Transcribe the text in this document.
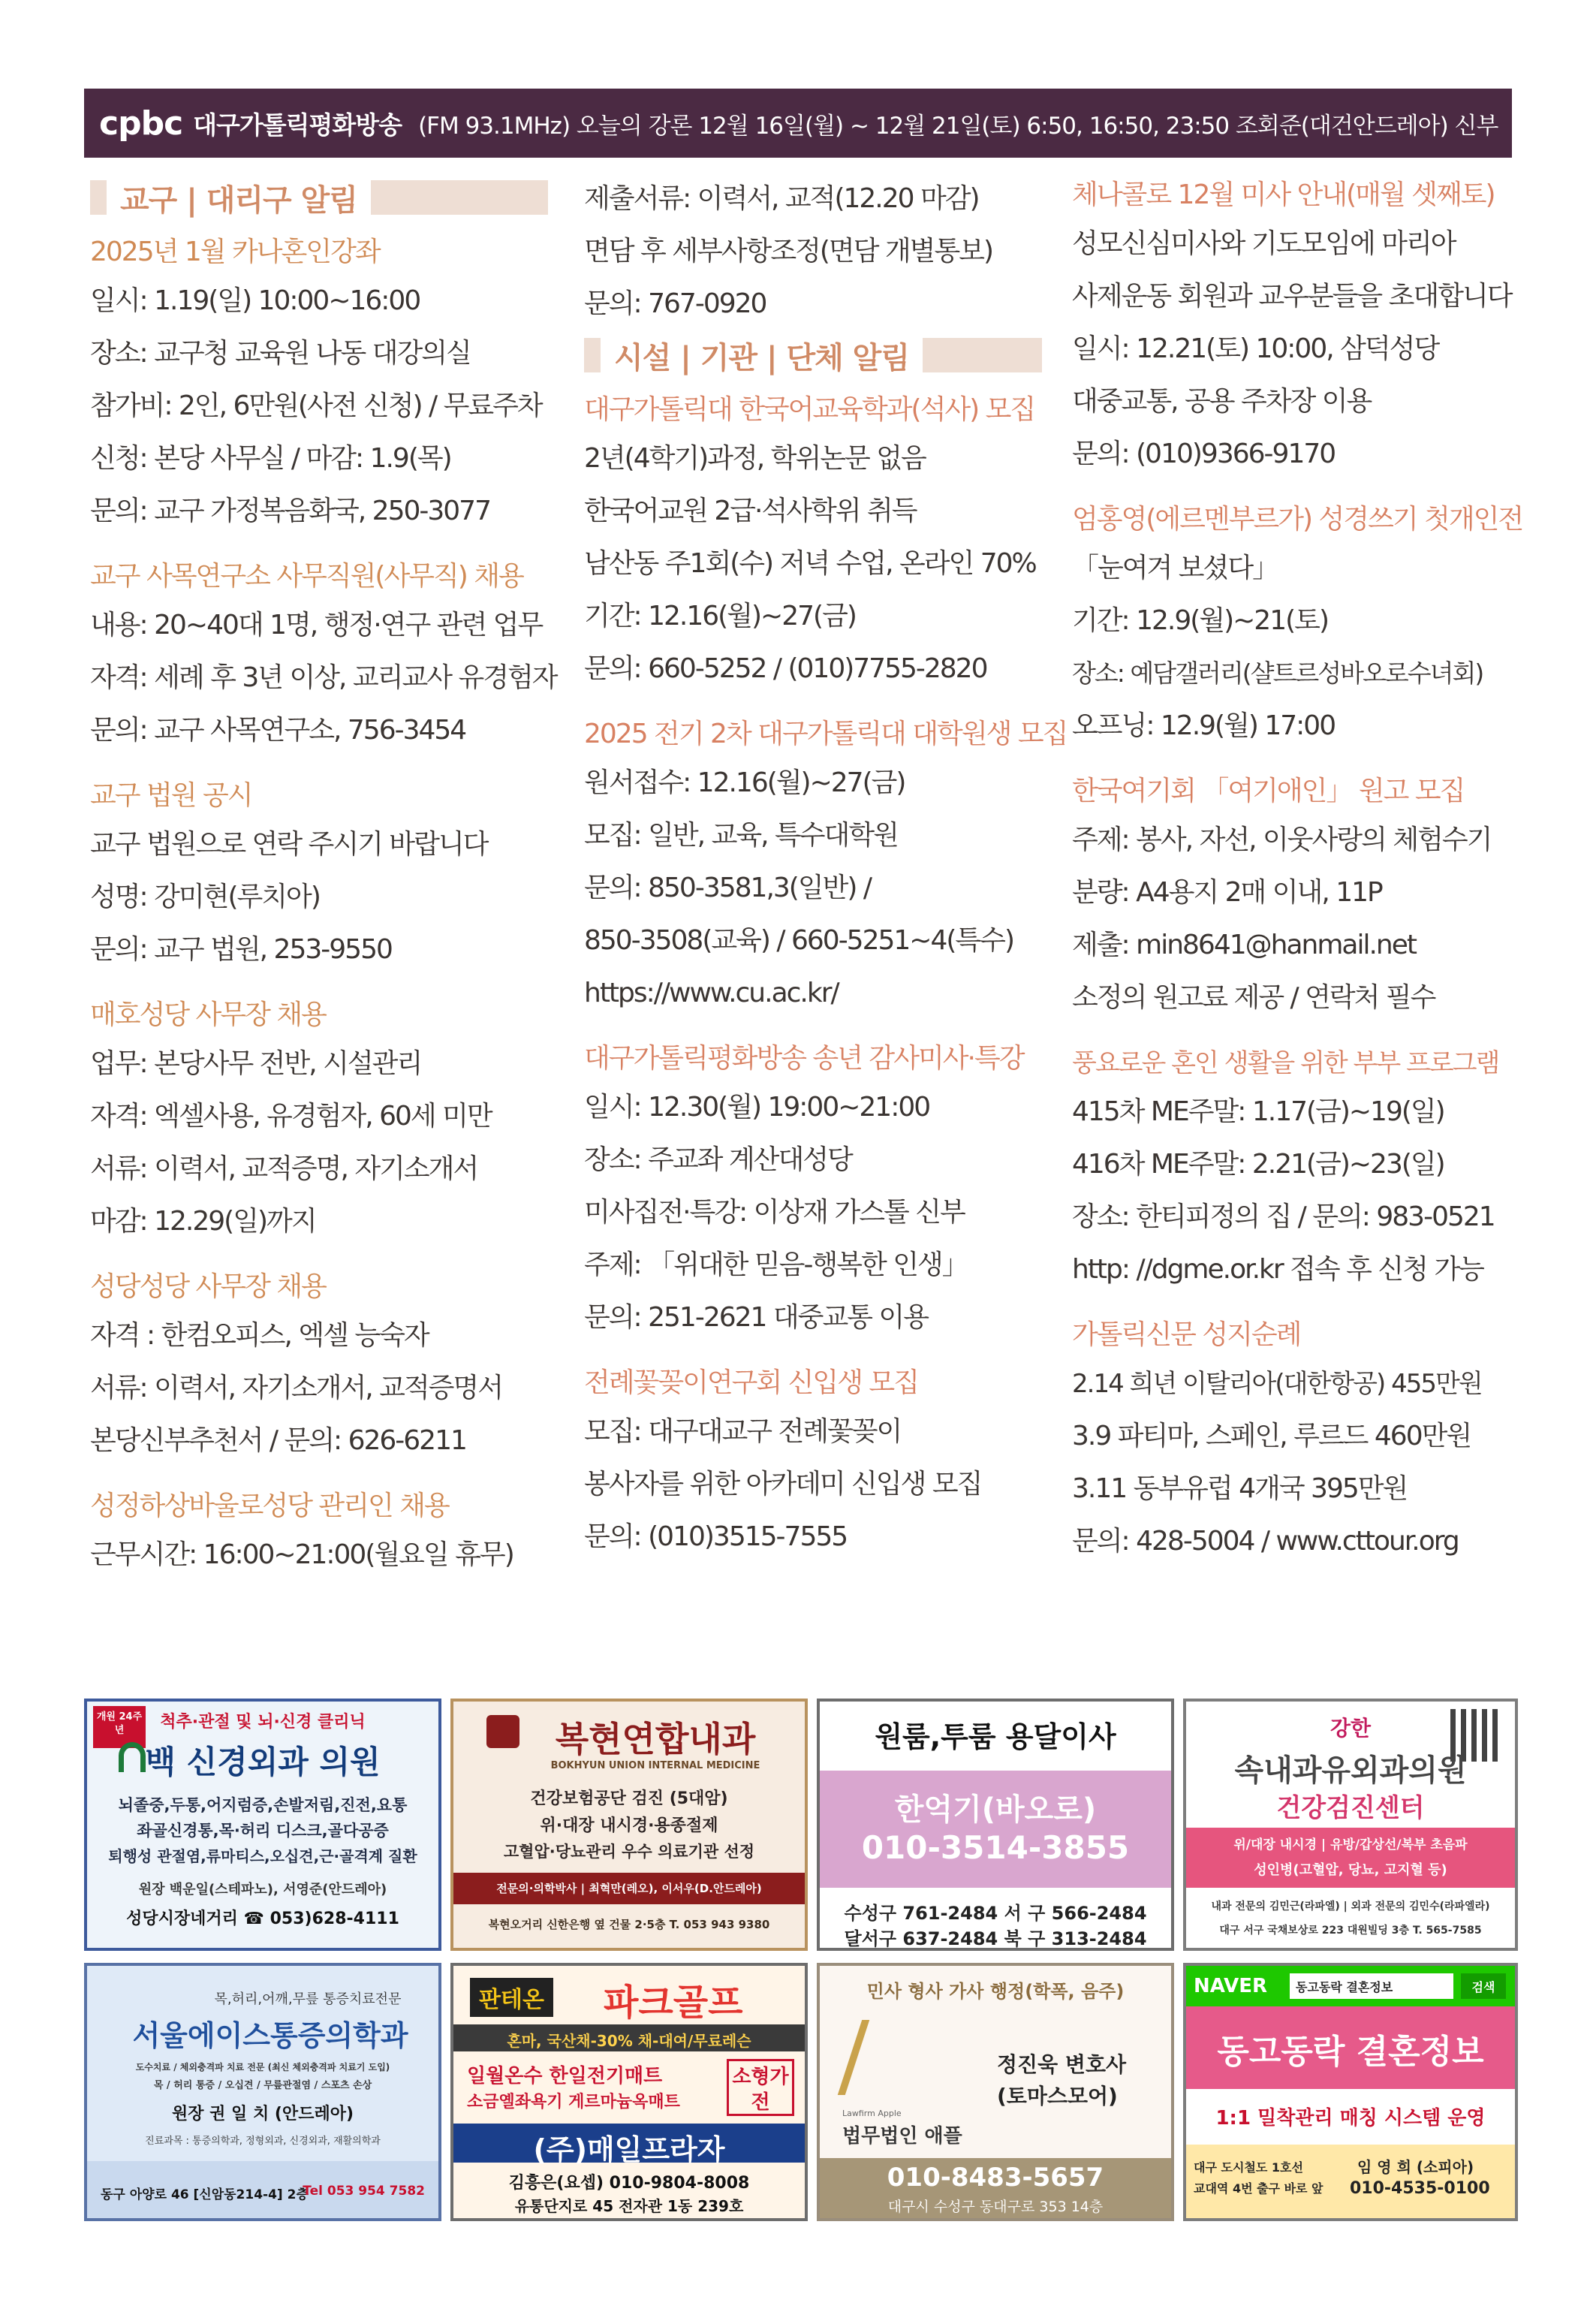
cpbc 대구가톨릭평화방송 (FM 93.1MHz) 오늘의 강론 12월 16일(월) ~ 12월 21일(토) 6:50, 16:50, 23:50 조회준(대건안드레아) 신부
교구 | 대리구 알림
2025년 1월 카나혼인강좌

일시: 1.19(일) 10:00~16:00

장소: 교구청 교육원 나동 대강의실

참가비: 2인, 6만원(사전 신청) / 무료주차

신청: 본당 사무실 / 마감: 1.9(목)

문의: 교구 가정복음화국, 250-3077

교구 사목연구소 사무직원(사무직) 채용

내용: 20~40대 1명, 행정·연구 관련 업무

자격: 세례 후 3년 이상, 교리교사 유경험자

문의: 교구 사목연구소, 756-3454

교구 법원 공시

교구 법원으로 연락 주시기 바랍니다

성명: 강미현(루치아)

문의: 교구 법원, 253-9550

매호성당 사무장 채용

업무: 본당사무 전반, 시설관리

자격: 엑셀사용, 유경험자, 60세 미만

서류: 이력서, 교적증명, 자기소개서

마감: 12.29(일)까지

성당성당 사무장 채용

자격 : 한컴오피스, 엑셀 능숙자

서류: 이력서, 자기소개서, 교적증명서

본당신부추천서 / 문의: 626-6211

성정하상바울로성당 관리인 채용

근무시간: 16:00~21:00(월요일 휴무)

제출서류: 이력서, 교적(12.20 마감)

면담 후 세부사항조정(면담 개별통보)

문의: 767-0920

시설 | 기관 | 단체 알림
대구가톨릭대 한국어교육학과(석사) 모집

2년(4학기)과정, 학위논문 없음

한국어교원 2급·석사학위 취득

남산동 주1회(수) 저녁 수업, 온라인 70%

기간: 12.16(월)~27(금)

문의: 660-5252 / (010)7755-2820

2025 전기 2차 대구가톨릭대 대학원생 모집

원서접수: 12.16(월)~27(금)

모집: 일반, 교육, 특수대학원

문의: 850-3581,3(일반) /

850-3508(교육) / 660-5251~4(특수)

https://www.cu.ac.kr/

대구가톨릭평화방송 송년 감사미사·특강

일시: 12.30(월) 19:00~21:00

장소: 주교좌 계산대성당

미사집전·특강: 이상재 가스톨 신부

주제: 「위대한 믿음-행복한 인생」

문의: 251-2621 대중교통 이용

전례꽃꽂이연구회 신입생 모집

모집: 대구대교구 전례꽃꽂이

봉사자를 위한 아카데미 신입생 모집

문의: (010)3515-7555

체나콜로 12월 미사 안내(매월 셋째토)

성모신심미사와 기도모임에 마리아

사제운동 회원과 교우분들을 초대합니다

일시: 12.21(토) 10:00, 삼덕성당

대중교통, 공용 주차장 이용

문의: (010)9366-9170

엄홍영(에르멘부르가) 성경쓰기 첫개인전

「눈여겨 보셨다」

기간: 12.9(월)~21(토)

장소: 예담갤러리(샬트르성바오로수녀회)

오프닝: 12.9(월) 17:00

한국여기회 「여기애인」 원고 모집

주제: 봉사, 자선, 이웃사랑의 체험수기

분량: A4용지 2매 이내, 11P

제출: min8641@hanmail.net

소정의 원고료 제공 / 연락처 필수

풍요로운 혼인 생활을 위한 부부 프로그램

415차 ME주말: 1.17(금)~19(일)

416차 ME주말: 2.21(금)~23(일)

장소: 한티피정의 집 / 문의: 983-0521

http: //dgme.or.kr 접속 후 신청 가능

가톨릭신문 성지순례

2.14 희년 이탈리아(대한항공) 455만원

3.9 파티마, 스페인, 루르드 460만원

3.11 동부유럽 4개국 395만원

문의: 428-5004 / www.cttour.org

개원 24주년	척추·관절 및 뇌·신경 클리닉
백 신경외과 의원
뇌졸중,두통,어지럼증,손발저림,진전,요통
좌골신경통,목·허리 디스크,골다공증
퇴행성 관절염,류마티스,오십견,근·골격계 질환
원장 백운일(스테파노), 서영준(안드레아)
성당시장네거리 ☎ 053)628-4111
복현연합내과
BOKHYUN UNION INTERNAL MEDICINE
건강보험공단 검진 (5대암)
위·대장 내시경·용종절제
고혈압·당뇨관리 우수 의료기관 선정
전문의·의학박사 | 최혁만(레오), 이서우(D.안드레아)
복현오거리 신한은행 옆 건물 2·5층 T. 053 943 9380
원룸,투룸 용달이사
한억기(바오로)
010-3514-3855
수성구 761-2484 서 구 566-2484
달서구 637-2484 북 구 313-2484
강한
속내과유외과의원
건강검진센터
위/대장 내시경 | 유방/갑상선/복부 초음파
성인병(고혈압, 당뇨, 고지혈 등)
내과 전문의 김민근(라파엘) | 외과 전문의 김민수(라파엘라)
대구 서구 국채보상로 223 대원빌딩 3층 T. 565-7585
목,허리,어깨,무릎 통증치료전문
서울에이스통증의학과
도수치료 / 체외충격파 치료 전문 (최신 체외충격파 치료기 도입)
목 / 허리 통증 / 오십견 / 무릎관절염 / 스포츠 손상
원장 권 일 치 (안드레아)
진료과목 : 통증의학과, 정형외과, 신경외과, 재활의학과
동구 아양로 46 [신암동214-4] 2층
Tel 053 954 7582
판테온 파크골프
혼마, 국산채-30% 채-대여/무료레슨
일월온수 한일전기매트
소금옐좌욕기 게르마늄옥매트
소형가전
(주)매일프라자
김흥은(요셉) 010-9804-8008
유통단지로 45 전자관 1동 239호
민사 형사 가사 행정(학폭, 음주)
Lawfirm Apple
법무법인 애플
정진욱 변호사
(토마스모어)
010-8483-5657
대구시 수성구 동대구로 353 14층
NAVER	동고동락 결혼정보	검색
동고동락 결혼정보
1:1 밀착관리 매칭 시스템 운영
대구 도시철도 1호선
교대역 4번 출구 바로 앞
임 영 희 (소피아)
010-4535-0100
